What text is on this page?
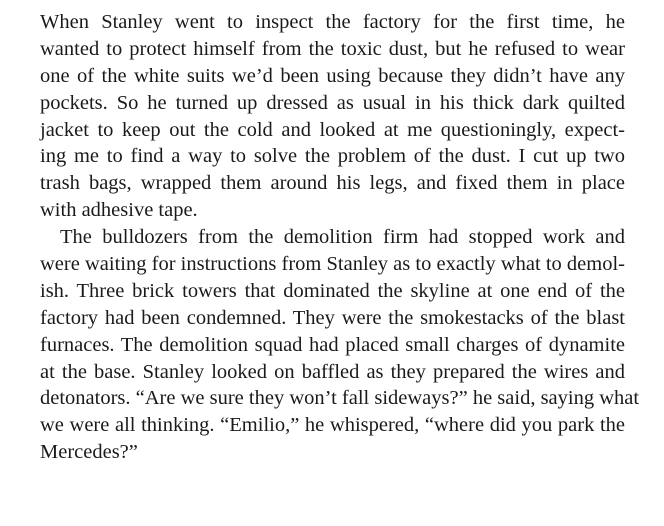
When Stanley went to inspect the factory for the first time, he
wanted to protect himself from the toxic dust, but he refused to wear
one of the white suits we’d been using because they didn’t have any
pockets. So he turned up dressed as usual in his thick dark quilted
jacket to keep out the cold and looked at me questioningly, expect-
ing me to find a way to solve the problem of the dust. I cut up two
trash bags, wrapped them around his legs, and fixed them in place
with adhesive tape.
The bulldozers from the demolition firm had stopped work and
were waiting for instructions from Stanley as to exactly what to demol-
ish. Three brick towers that dominated the skyline at one end of the
factory had been condemned. They were the smokestacks of the blast
furnaces. The demolition squad had placed small charges of dynamite
at the base. Stanley looked on baffled as they prepared the wires and
detonators. “Are we sure they won’t fall sideways?” he said, saying what
we were all thinking. “Emilio,” he whispered, “where did you park the
Mercedes?”
